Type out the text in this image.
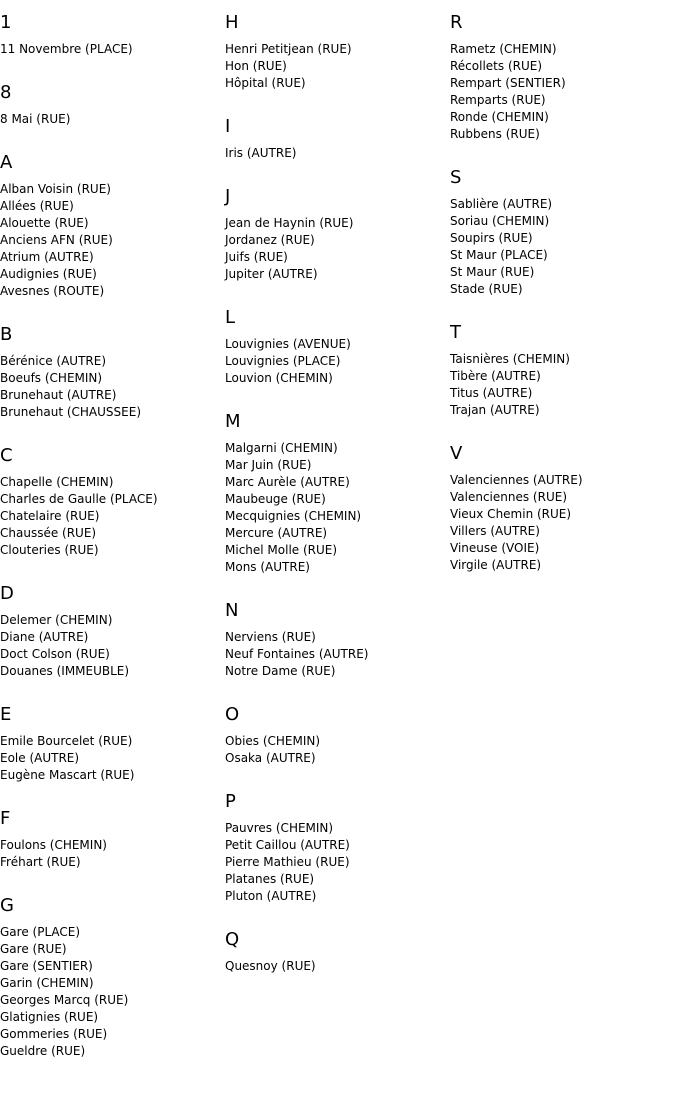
1
11 Novembre (PLACE)
8
8 Mai (RUE)
A
Alban Voisin (RUE)
Allées (RUE)
Alouette (RUE)
Anciens AFN (RUE)
Atrium (AUTRE)
Audignies (RUE)
Avesnes (ROUTE)
B
Bérénice (AUTRE)
Boeufs (CHEMIN)
Brunehaut (AUTRE)
Brunehaut (CHAUSSEE)
C
Chapelle (CHEMIN)
Charles de Gaulle (PLACE)
Chatelaire (RUE)
Chaussée (RUE)
Clouteries (RUE)
D
Delemer (CHEMIN)
Diane (AUTRE)
Doct Colson (RUE)
Douanes (IMMEUBLE)
E
Emile Bourcelet (RUE)
Eole (AUTRE)
Eugène Mascart (RUE)
F
Foulons (CHEMIN)
Fréhart (RUE)
G
Gare (PLACE)
Gare (RUE)
Gare (SENTIER)
Garin (CHEMIN)
Georges Marcq (RUE)
Glatignies (RUE)
Gommeries (RUE)
Gueldre (RUE)
H
Henri Petitjean (RUE)
Hon (RUE)
Hôpital (RUE)
I
Iris (AUTRE)
J
Jean de Haynin (RUE)
Jordanez (RUE)
Juifs (RUE)
Jupiter (AUTRE)
L
Louvignies (AVENUE)
Louvignies (PLACE)
Louvion (CHEMIN)
M
Malgarni (CHEMIN)
Mar Juin (RUE)
Marc Aurèle (AUTRE)
Maubeuge (RUE)
Mecquignies (CHEMIN)
Mercure (AUTRE)
Michel Molle (RUE)
Mons (AUTRE)
N
Nerviens (RUE)
Neuf Fontaines (AUTRE)
Notre Dame (RUE)
O
Obies (CHEMIN)
Osaka (AUTRE)
P
Pauvres (CHEMIN)
Petit Caillou (AUTRE)
Pierre Mathieu (RUE)
Platanes (RUE)
Pluton (AUTRE)
Q
Quesnoy (RUE)
R
Rametz (CHEMIN)
Récollets (RUE)
Rempart (SENTIER)
Remparts (RUE)
Ronde (CHEMIN)
Rubbens (RUE)
S
Sablière (AUTRE)
Soriau (CHEMIN)
Soupirs (RUE)
St Maur (PLACE)
St Maur (RUE)
Stade (RUE)
T
Taisnières (CHEMIN)
Tibère (AUTRE)
Titus (AUTRE)
Trajan (AUTRE)
V
Valenciennes (AUTRE)
Valenciennes (RUE)
Vieux Chemin (RUE)
Villers (AUTRE)
Vineuse (VOIE)
Virgile (AUTRE)
